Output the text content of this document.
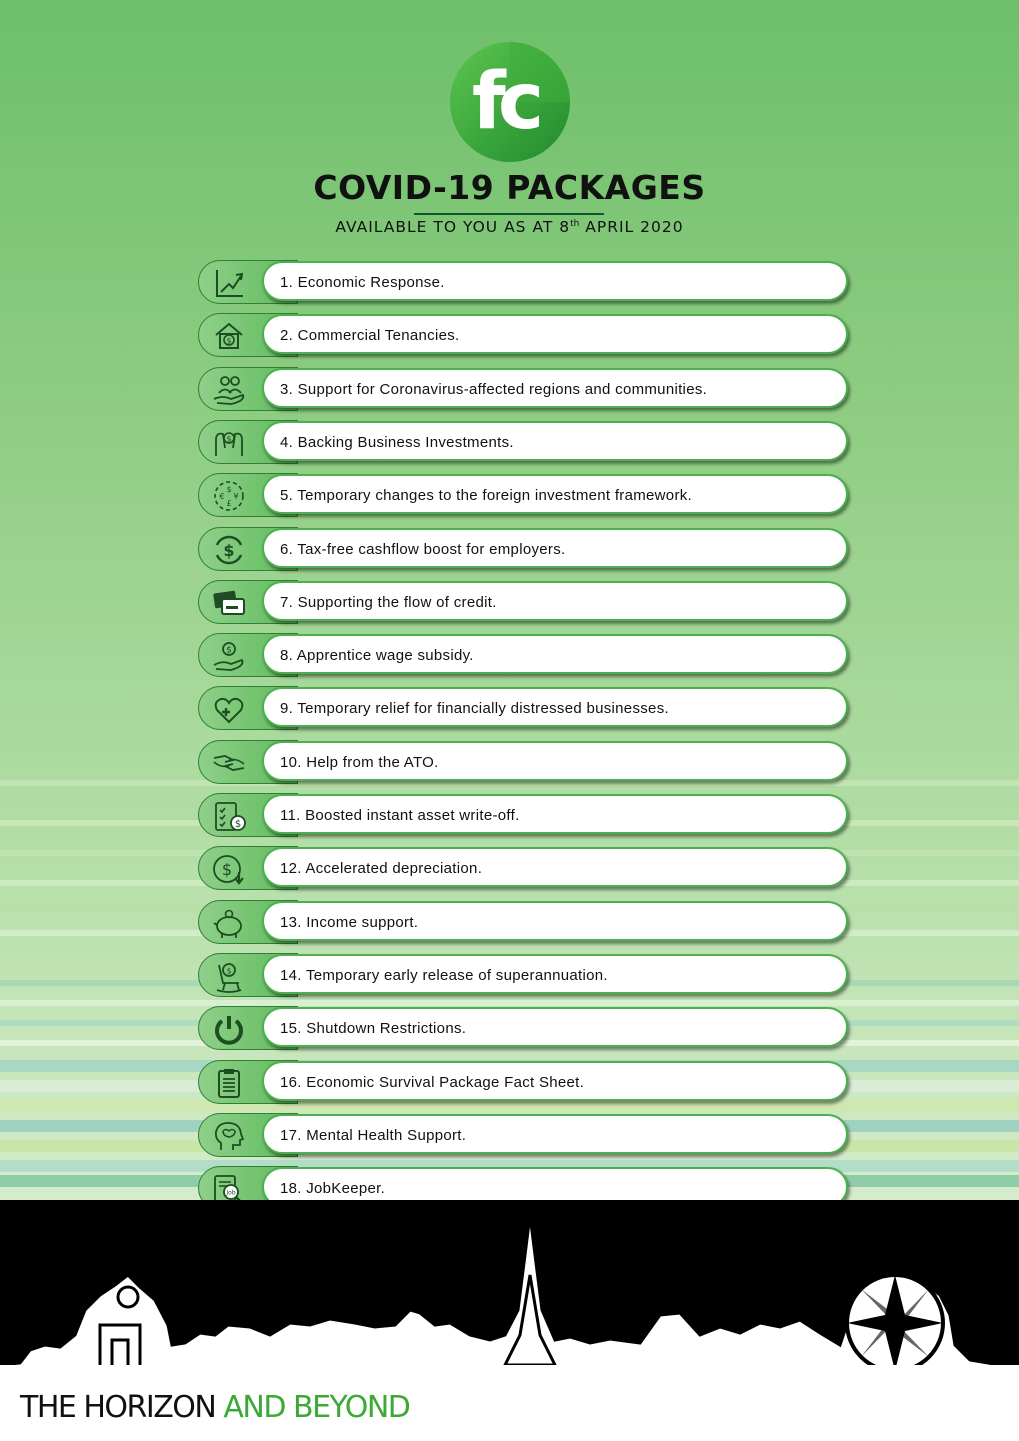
fc
COVID-19 PACKAGES
AVAILABLE TO YOU AS AT 8th APRIL 2020
1. Economic Response.
$	2. Commercial Tenancies.
3. Support for Coronavirus-affected regions and communities.
$	4. Backing Business Investments.
$
€ ¥
£	5. Temporary changes to the foreign investment framework.
$	6. Tax-free cashflow boost for employers.
7. Supporting the flow of credit.
$	8. Apprentice wage subsidy.
9. Temporary relief for financially distressed businesses.
10. Help from the ATO.
$
11. Boosted instant asset write-off.
$	12. Accelerated depreciation.
13. Income support.
$	14. Temporary early release of superannuation.
15. Shutdown Restrictions.
16. Economic Survival Package Fact Sheet.
17. Mental Health Support.
Job	18. JobKeeper.
THE HORIZON AND BEYOND
